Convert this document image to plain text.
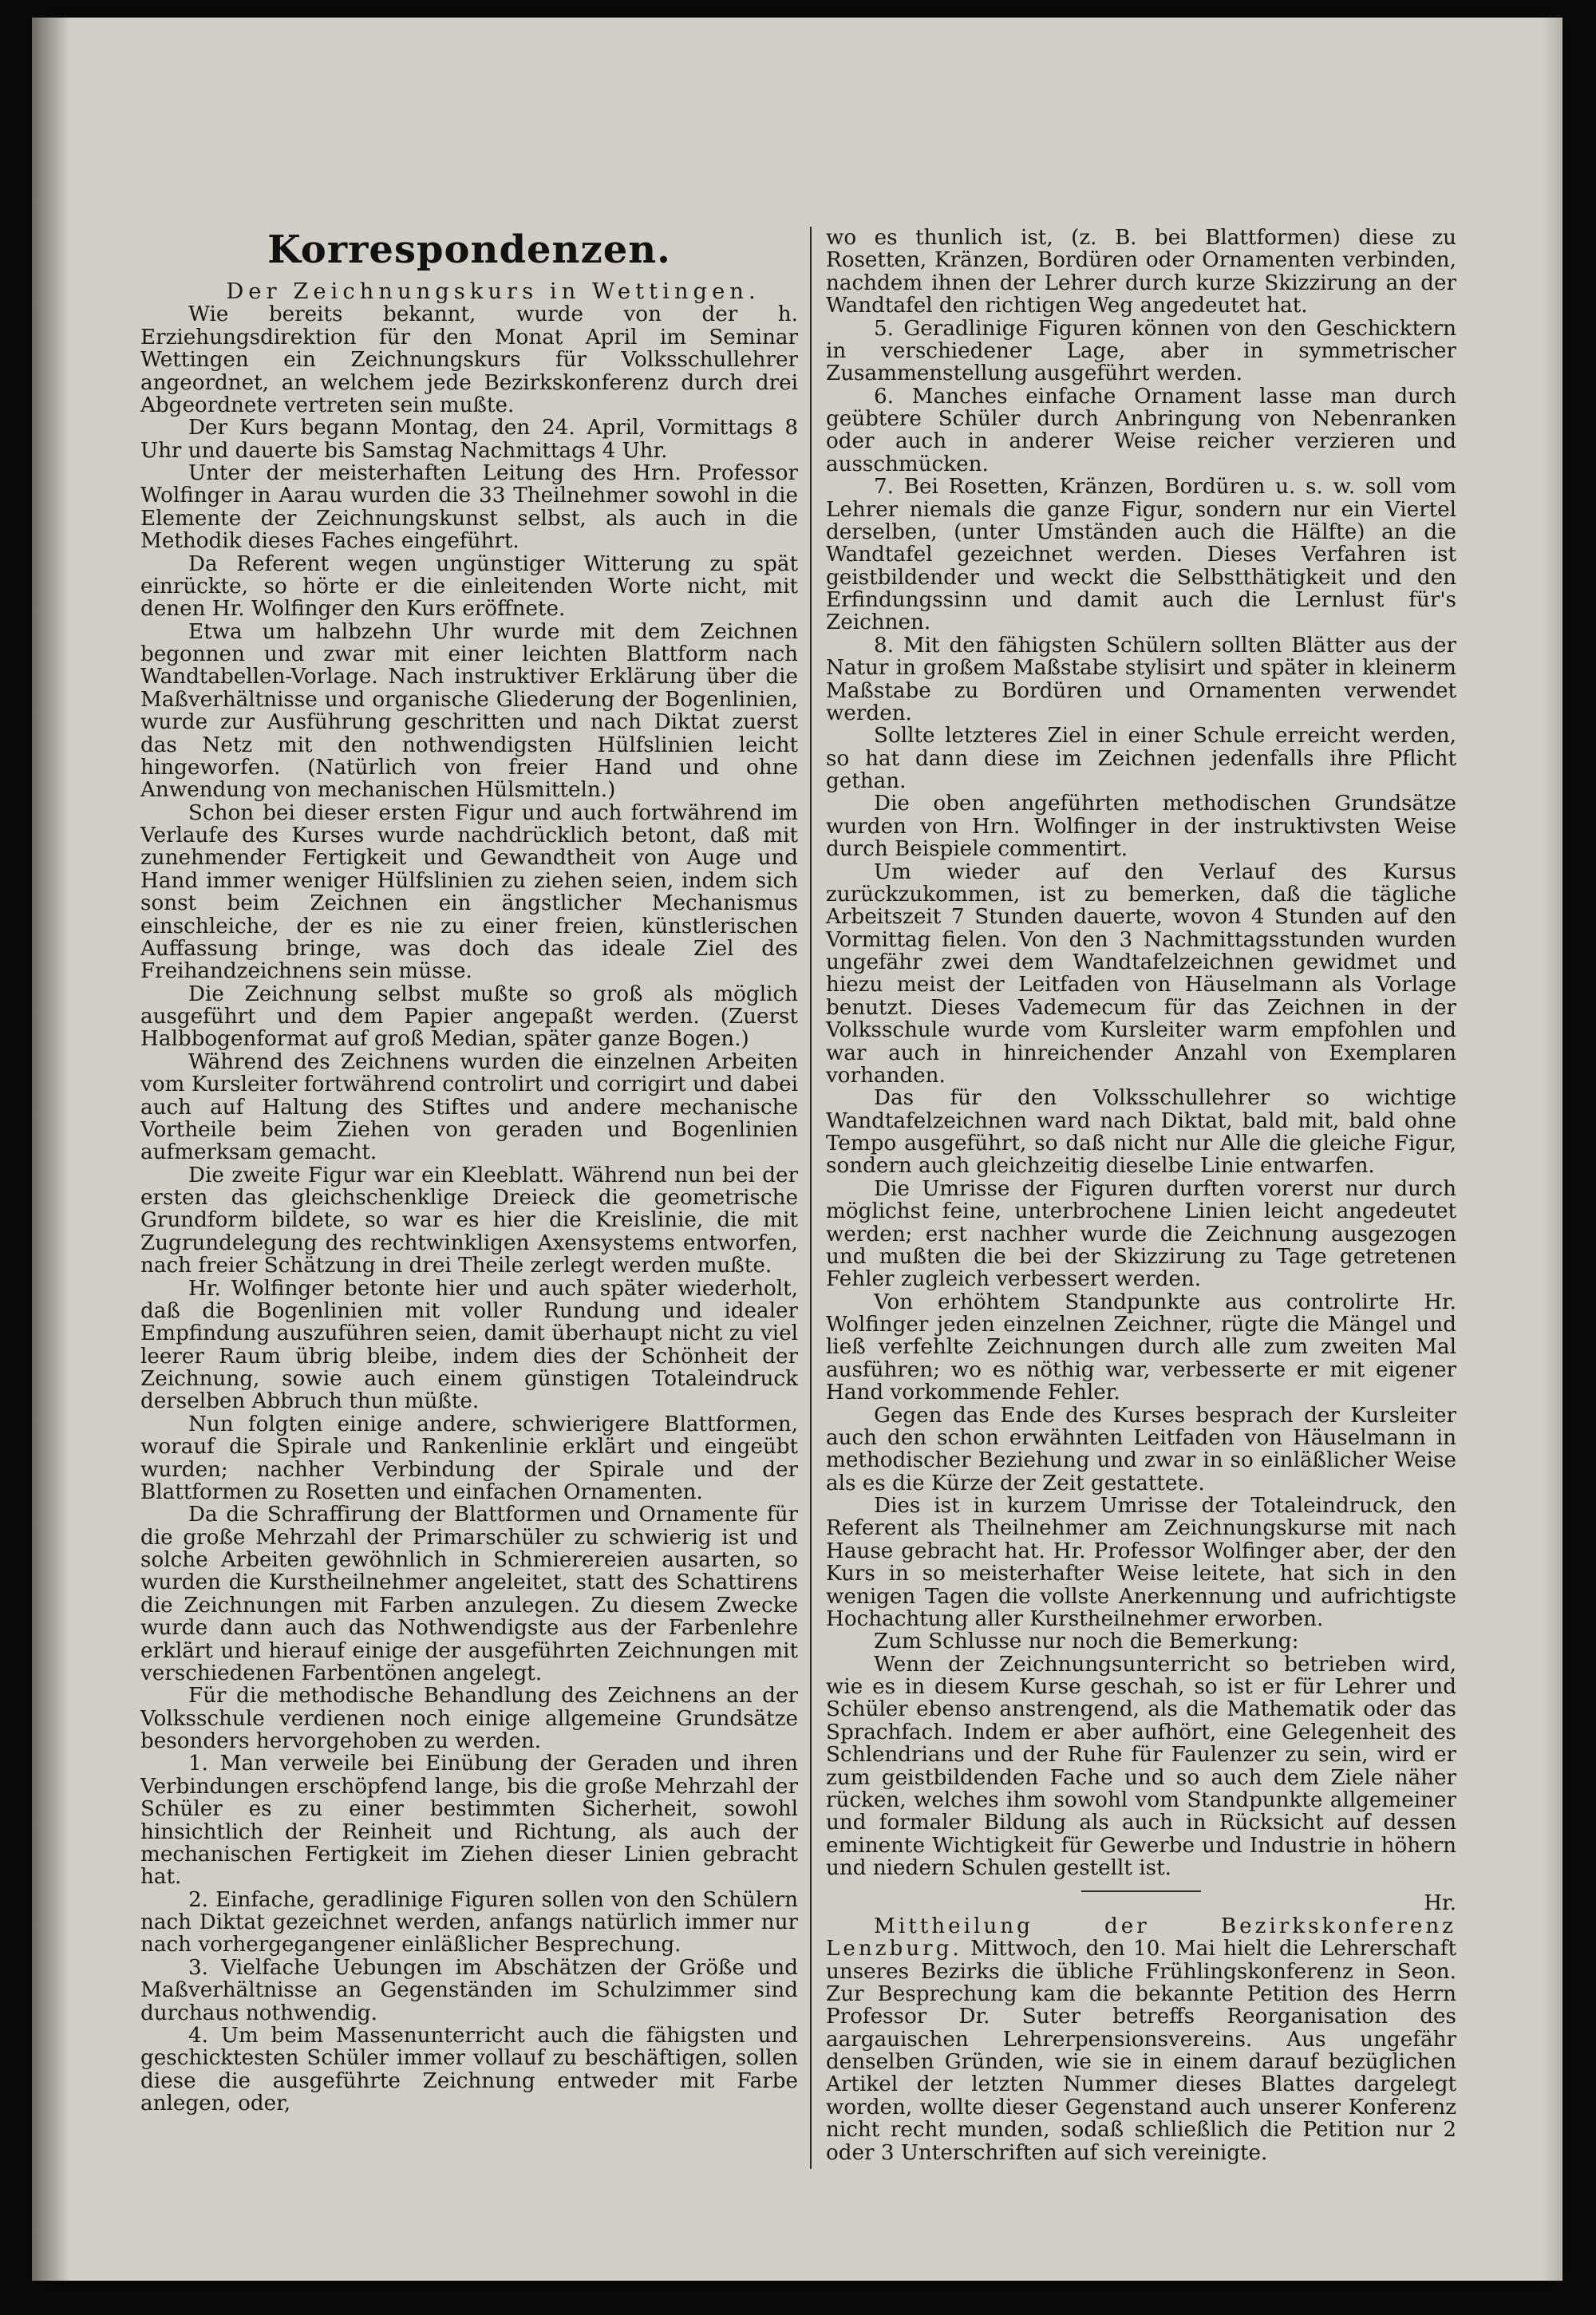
Korrespondenzen.

Der Zeichnungskurs in Wettingen.

Wie bereits bekannt, wurde von der h. Erziehungsdirektion für den Monat April im Seminar Wettingen ein Zeichnungskurs für Volksschullehrer angeordnet, an welchem jede Bezirkskonferenz durch drei Abgeordnete vertreten sein mußte.

Der Kurs begann Montag, den 24. April, Vormittags 8 Uhr und dauerte bis Samstag Nachmittags 4 Uhr.

Unter der meisterhaften Leitung des Hrn. Professor Wolfinger in Aarau wurden die 33 Theilnehmer sowohl in die Elemente der Zeichnungskunst selbst, als auch in die Methodik dieses Faches eingeführt.

Da Referent wegen ungünstiger Witterung zu spät einrückte, so hörte er die einleitenden Worte nicht, mit denen Hr. Wolfinger den Kurs eröffnete.

Etwa um halbzehn Uhr wurde mit dem Zeichnen begonnen und zwar mit einer leichten Blattform nach Wandtabellen-Vorlage. Nach instruktiver Erklärung über die Maßverhältnisse und organische Gliederung der Bogenlinien, wurde zur Ausführung geschritten und nach Diktat zuerst das Netz mit den nothwendigsten Hülfslinien leicht hingeworfen. (Natürlich von freier Hand und ohne Anwendung von mechanischen Hülsmitteln.)

Schon bei dieser ersten Figur und auch fortwährend im Verlaufe des Kurses wurde nachdrücklich betont, daß mit zunehmender Fertigkeit und Gewandtheit von Auge und Hand immer weniger Hülfslinien zu ziehen seien, indem sich sonst beim Zeichnen ein ängstlicher Mechanismus einschleiche, der es nie zu einer freien, künstlerischen Auffassung bringe, was doch das ideale Ziel des Freihandzeichnens sein müsse.

Die Zeichnung selbst mußte so groß als möglich ausgeführt und dem Papier angepaßt werden. (Zuerst Halbbogenformat auf groß Median, später ganze Bogen.)

Während des Zeichnens wurden die einzelnen Arbeiten vom Kursleiter fortwährend controlirt und corrigirt und dabei auch auf Haltung des Stiftes und andere mechanische Vortheile beim Ziehen von geraden und Bogenlinien aufmerksam gemacht.

Die zweite Figur war ein Kleeblatt. Während nun bei der ersten das gleichschenklige Dreieck die geometrische Grundform bildete, so war es hier die Kreislinie, die mit Zugrundelegung des rechtwinkligen Axensystems entworfen, nach freier Schätzung in drei Theile zerlegt werden mußte.

Hr. Wolfinger betonte hier und auch später wiederholt, daß die Bogenlinien mit voller Rundung und idealer Empfindung auszuführen seien, damit überhaupt nicht zu viel leerer Raum übrig bleibe, indem dies der Schönheit der Zeichnung, sowie auch einem günstigen Totaleindruck derselben Abbruch thun müßte.

Nun folgten einige andere, schwierigere Blattformen, worauf die Spirale und Rankenlinie erklärt und eingeübt wurden; nachher Verbindung der Spirale und der Blattformen zu Rosetten und einfachen Ornamenten.

Da die Schraffirung der Blattformen und Ornamente für die große Mehrzahl der Primarschüler zu schwierig ist und solche Arbeiten gewöhnlich in Schmierereien ausarten, so wurden die Kurstheilnehmer angeleitet, statt des Schattirens die Zeichnungen mit Farben anzulegen. Zu diesem Zwecke wurde dann auch das Nothwendigste aus der Farbenlehre erklärt und hierauf einige der ausgeführten Zeichnungen mit verschiedenen Farbentönen angelegt.

Für die methodische Behandlung des Zeichnens an der Volksschule verdienen noch einige allgemeine Grundsätze besonders hervorgehoben zu werden.

1. Man verweile bei Einübung der Geraden und ihren Verbindungen erschöpfend lange, bis die große Mehrzahl der Schüler es zu einer bestimmten Sicherheit, sowohl hinsichtlich der Reinheit und Richtung, als auch der mechanischen Fertigkeit im Ziehen dieser Linien gebracht hat.

2. Einfache, geradlinige Figuren sollen von den Schülern nach Diktat gezeichnet werden, anfangs natürlich immer nur nach vorhergegangener einläßlicher Besprechung.

3. Vielfache Uebungen im Abschätzen der Größe und Maßverhältnisse an Gegenständen im Schulzimmer sind durchaus nothwendig.

4. Um beim Massenunterricht auch die fähigsten und geschicktesten Schüler immer vollauf zu beschäftigen, sollen diese die ausgeführte Zeichnung entweder mit Farbe anlegen, oder,

wo es thunlich ist, (z. B. bei Blattformen) diese zu Rosetten, Kränzen, Bordüren oder Ornamenten verbinden, nachdem ihnen der Lehrer durch kurze Skizzirung an der Wandtafel den richtigen Weg angedeutet hat.

5. Geradlinige Figuren können von den Geschicktern in verschiedener Lage, aber in symmetrischer Zusammenstellung ausgeführt werden.

6. Manches einfache Ornament lasse man durch geübtere Schüler durch Anbringung von Nebenranken oder auch in anderer Weise reicher verzieren und ausschmücken.

7. Bei Rosetten, Kränzen, Bordüren u. s. w. soll vom Lehrer niemals die ganze Figur, sondern nur ein Viertel derselben, (unter Umständen auch die Hälfte) an die Wandtafel gezeichnet werden. Dieses Verfahren ist geistbildender und weckt die Selbstthätigkeit und den Erfindungssinn und damit auch die Lernlust für's Zeichnen.

8. Mit den fähigsten Schülern sollten Blätter aus der Natur in großem Maßstabe stylisirt und später in kleinerm Maßstabe zu Bordüren und Ornamenten verwendet werden.

Sollte letzteres Ziel in einer Schule erreicht werden, so hat dann diese im Zeichnen jedenfalls ihre Pflicht gethan.

Die oben angeführten methodischen Grundsätze wurden von Hrn. Wolfinger in der instruktivsten Weise durch Beispiele commentirt.

Um wieder auf den Verlauf des Kursus zurückzukommen, ist zu bemerken, daß die tägliche Arbeitszeit 7 Stunden dauerte, wovon 4 Stunden auf den Vormittag fielen. Von den 3 Nachmittagsstunden wurden ungefähr zwei dem Wandtafelzeichnen gewidmet und hiezu meist der Leitfaden von Häuselmann als Vorlage benutzt. Dieses Vademecum für das Zeichnen in der Volksschule wurde vom Kursleiter warm empfohlen und war auch in hinreichender Anzahl von Exemplaren vorhanden.

Das für den Volksschullehrer so wichtige Wandtafelzeichnen ward nach Diktat, bald mit, bald ohne Tempo ausgeführt, so daß nicht nur Alle die gleiche Figur, sondern auch gleichzeitig dieselbe Linie entwarfen.

Die Umrisse der Figuren durften vorerst nur durch möglichst feine, unterbrochene Linien leicht angedeutet werden; erst nachher wurde die Zeichnung ausgezogen und mußten die bei der Skizzirung zu Tage getretenen Fehler zugleich verbessert werden.

Von erhöhtem Standpunkte aus controlirte Hr. Wolfinger jeden einzelnen Zeichner, rügte die Mängel und ließ verfehlte Zeichnungen durch alle zum zweiten Mal ausführen; wo es nöthig war, verbesserte er mit eigener Hand vorkommende Fehler.

Gegen das Ende des Kurses besprach der Kursleiter auch den schon erwähnten Leitfaden von Häuselmann in methodischer Beziehung und zwar in so einläßlicher Weise als es die Kürze der Zeit gestattete.

Dies ist in kurzem Umrisse der Totaleindruck, den Referent als Theilnehmer am Zeichnungskurse mit nach Hause gebracht hat. Hr. Professor Wolfinger aber, der den Kurs in so meisterhafter Weise leitete, hat sich in den wenigen Tagen die vollste Anerkennung und aufrichtigste Hochachtung aller Kurstheilnehmer erworben.

Zum Schlusse nur noch die Bemerkung:

Wenn der Zeichnungsunterricht so betrieben wird, wie es in diesem Kurse geschah, so ist er für Lehrer und Schüler ebenso anstrengend, als die Mathematik oder das Sprachfach. Indem er aber aufhört, eine Gelegenheit des Schlendrians und der Ruhe für Faulenzer zu sein, wird er zum geistbildenden Fache und so auch dem Ziele näher rücken, welches ihm sowohl vom Standpunkte allgemeiner und formaler Bildung als auch in Rücksicht auf dessen eminente Wichtigkeit für Gewerbe und Industrie in höhern und niedern Schulen gestellt ist.

Hr.

Mittheilung der Bezirkskonferenz Lenzburg. Mittwoch, den 10. Mai hielt die Lehrerschaft unseres Bezirks die übliche Frühlingskonferenz in Seon. Zur Besprechung kam die bekannte Petition des Herrn Professor Dr. Suter betreffs Reorganisation des aargauischen Lehrerpensionsvereins. Aus ungefähr denselben Gründen, wie sie in einem darauf bezüglichen Artikel der letzten Nummer dieses Blattes dargelegt worden, wollte dieser Gegenstand auch unserer Konferenz nicht recht munden, sodaß schließlich die Petition nur 2 oder 3 Unterschriften auf sich vereinigte.
